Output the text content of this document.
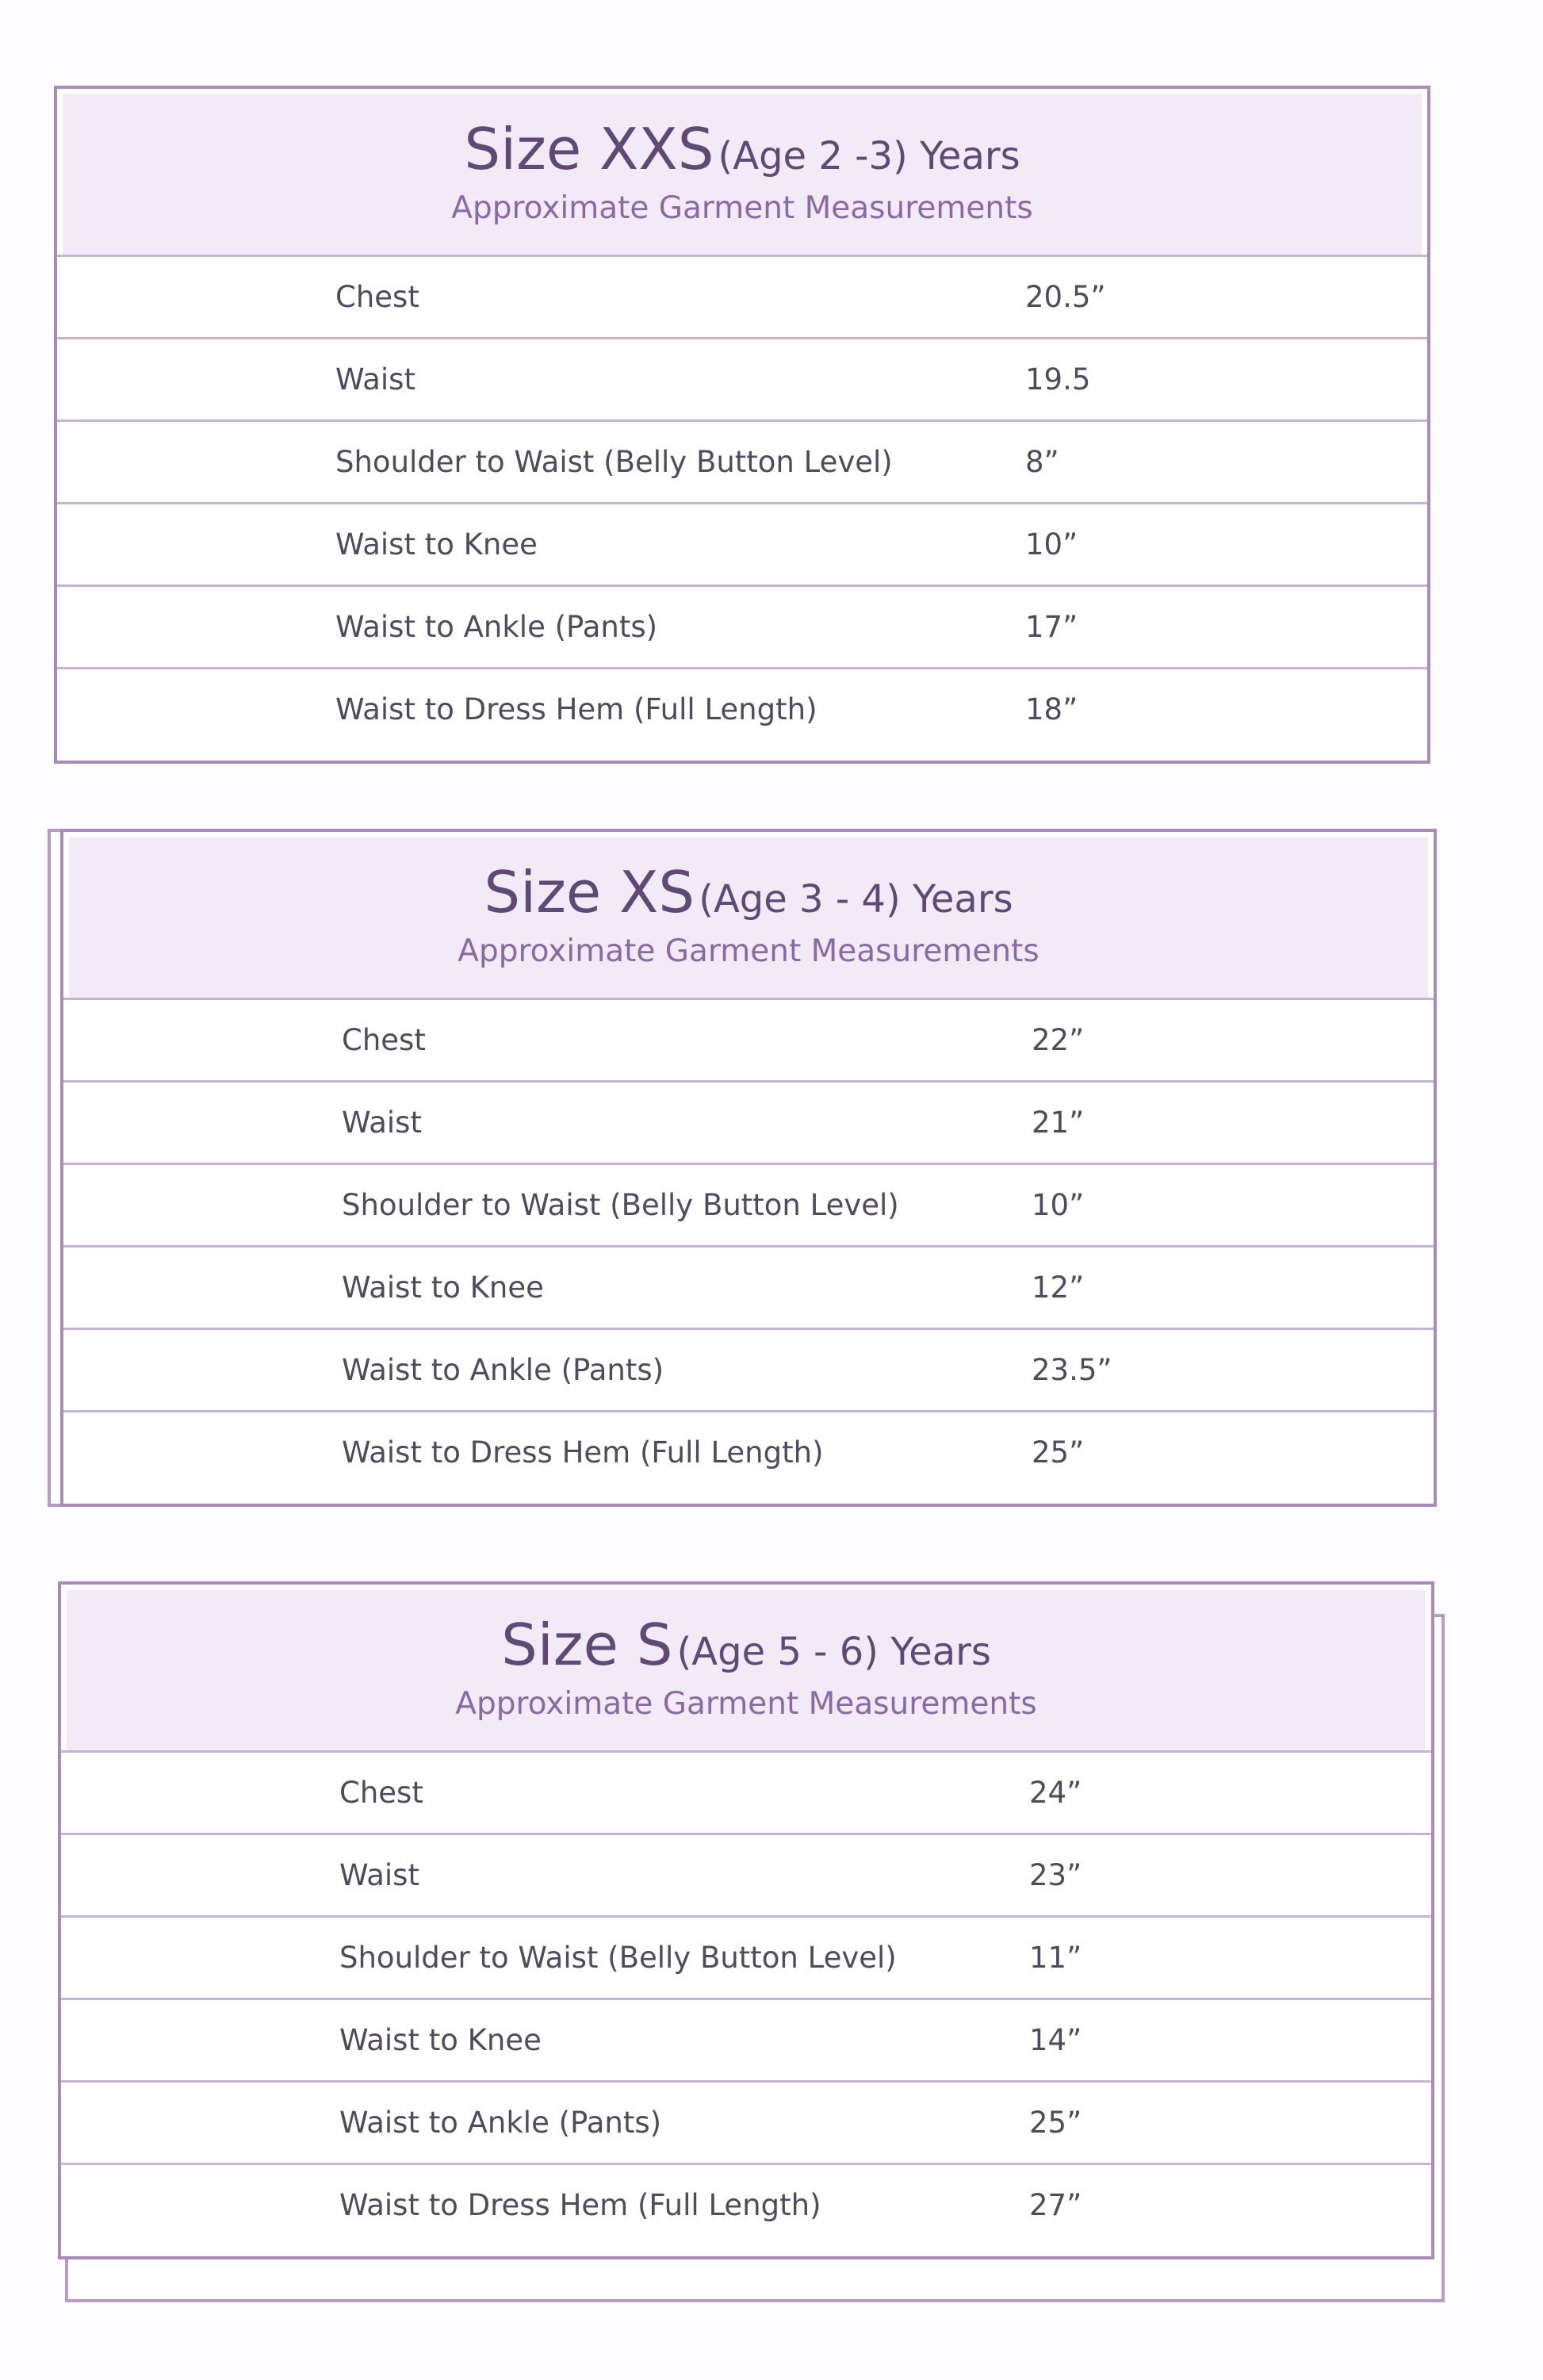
Size XXS (Age 2 -3) Years
Approximate Garment Measurements
Chest	20.5”
Waist	19.5
Shoulder to Waist (Belly Button Level)	8”
Waist to Knee	10”
Waist to Ankle (Pants)	17”
Waist to Dress Hem (Full Length)	18”
Size XS (Age 3 - 4) Years
Approximate Garment Measurements
Chest	22”
Waist	21”
Shoulder to Waist (Belly Button Level)	10”
Waist to Knee	12”
Waist to Ankle (Pants)	23.5”
Waist to Dress Hem (Full Length)	25”
Size S (Age 5 - 6) Years
Approximate Garment Measurements
Chest	24”
Waist	23”
Shoulder to Waist (Belly Button Level)	11”
Waist to Knee	14”
Waist to Ankle (Pants)	25”
Waist to Dress Hem (Full Length)	27”
